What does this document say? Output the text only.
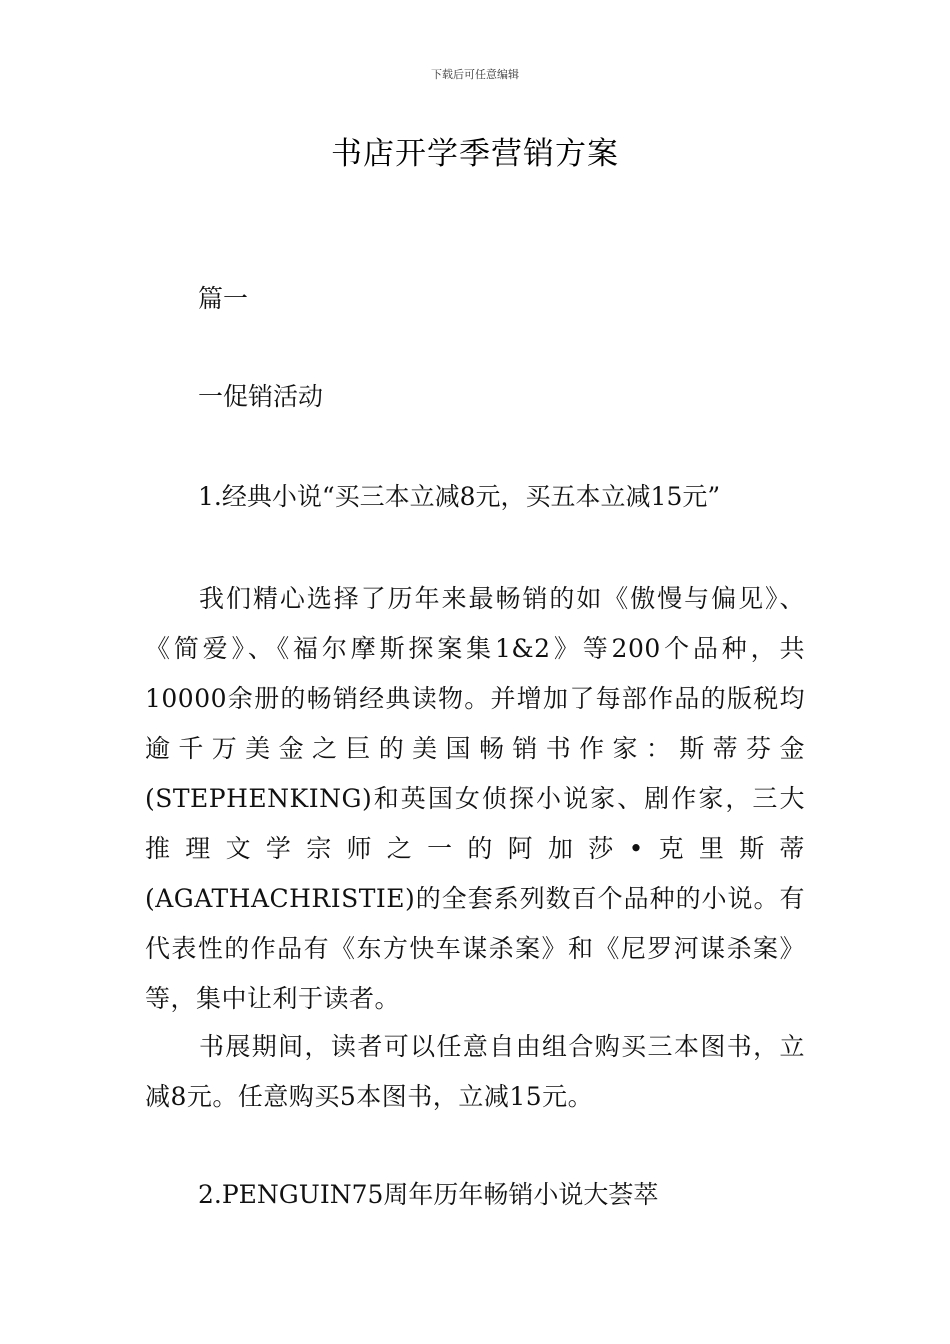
下载后可任意编辑
书店开学季营销方案
篇一
一促销活动
1.经典小说“买三本立减8元，买五本立减15元”
我们精心选择了历年来最畅销的如《傲慢与偏见》、《简爱》、《福尔摩斯探案集1&2》等200个品种，共10000余册的畅销经典读物。并增加了每部作品的版税均逾千万美金之巨的美国畅销书作家：斯蒂芬金(STEPHENKING)和英国女侦探小说家、剧作家，三大推理文学宗师之一的阿加莎•克里斯蒂(AGATHACHRISTIE)的全套系列数百个品种的小说。有代表性的作品有《东方快车谋杀案》和《尼罗河谋杀案》等，集中让利于读者。
书展期间，读者可以任意自由组合购买三本图书，立减8元。任意购买5本图书，立减15元。
2.PENGUIN75周年历年畅销小说大荟萃
